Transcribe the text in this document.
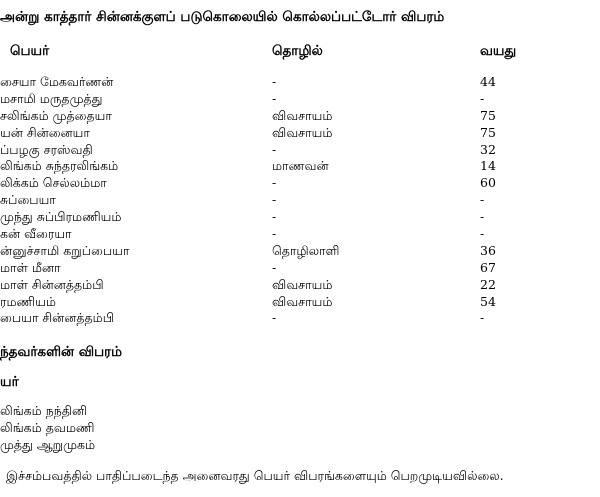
அன்று காத்தார் சின்னக்குளப் படுகொலையில் கொல்லப்பட்டோர் விபரம்
பெயர்	தொழில்	வயது
சையா மேகவர்ணன்	-	44
மசாமி மருதமுத்து	-	-
சலிங்கம் முத்தையா	விவசாயம்	75
யன் சின்னையா	விவசாயம்	75
ப்பழகு சரஸ்வதி	-	32
லிங்கம் சுந்தரலிங்கம்	மாணவன்	14
லிக்கம் செல்லம்மா	-	60
சுப்பையா	-	-
முந்து சுப்பிரமணியம்	-	-
கன் வீரையா	-	-
ன்னுச்சாமி கறுப்பையா	தொழிலாளி	36
மாள் மீனா	-	67
மாள் சின்னத்தம்பி	விவசாயம்	22
ரமணியம்	விவசாயம்	54
பையா சின்னத்தம்பி	-	-
ந்தவர்களின் விபரம்
யர்
லிங்கம் நந்தினி
லிங்கம் தவமணி
முத்து ஆறுமுகம்
இச்சம்பவத்தில் பாதிப்படைந்த அனைவரது பெயர் விபரங்களையும் பெறமுடியவில்லை.
